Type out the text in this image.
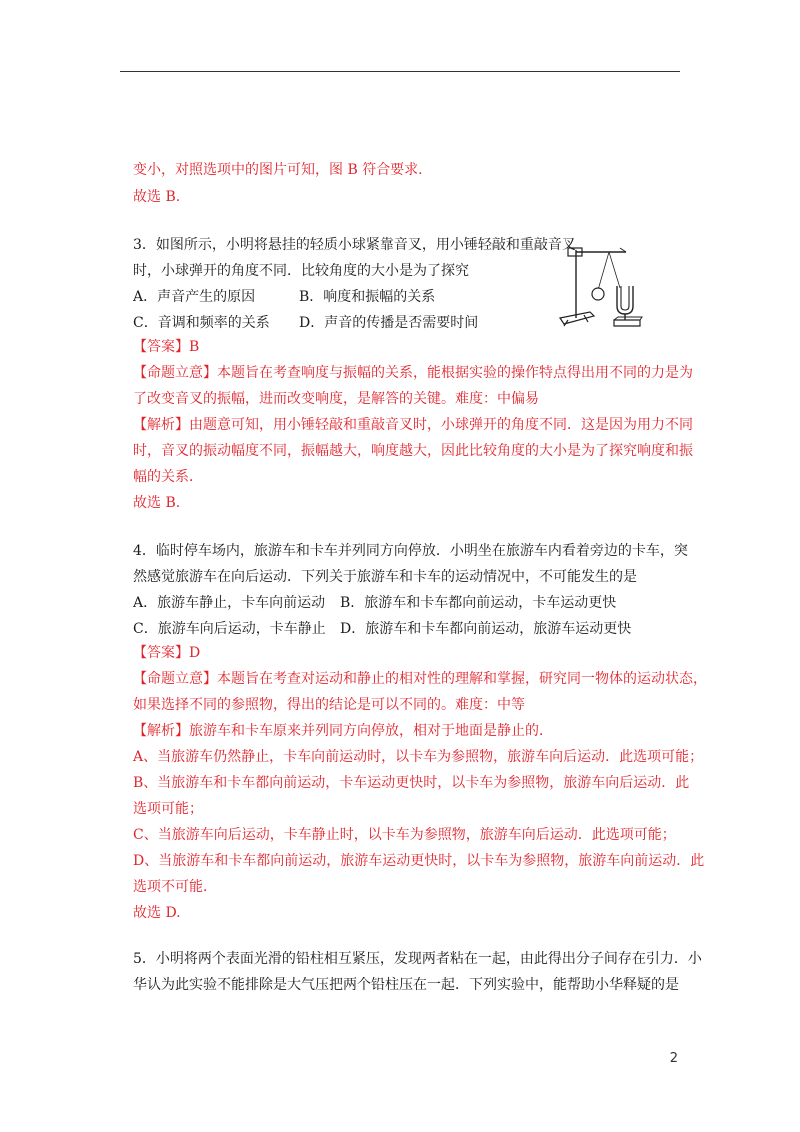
变小，对照选项中的图片可知，图 B 符合要求.
故选 B.
3．如图所示，小明将悬挂的轻质小球紧靠音叉，用小锤轻敲和重敲音叉
时，小球弹开的角度不同．比较角度的大小是为了探究
A．声音产生的原因	B．响度和振幅的关系
C．音调和频率的关系 D．声音的传播是否需要时间
【答案】B
【命题立意】本题旨在考查响度与振幅的关系，能根据实验的操作特点得出用不同的力是为
了改变音叉的振幅，进而改变响度，是解答的关键。难度：中偏易
【解析】由题意可知，用小锤轻敲和重敲音叉时，小球弹开的角度不同．这是因为用力不同
时，音叉的振动幅度不同，振幅越大，响度越大，因此比较角度的大小是为了探究响度和振
幅的关系．
故选 B.
4．临时停车场内，旅游车和卡车并列同方向停放．小明坐在旅游车内看着旁边的卡车，突
然感觉旅游车在向后运动．下列关于旅游车和卡车的运动情况中，不可能发生的是
A．旅游车静止，卡车向前运动 B．旅游车和卡车都向前运动，卡车运动更快
C．旅游车向后运动，卡车静止 D．旅游车和卡车都向前运动，旅游车运动更快
【答案】D
【命题立意】本题旨在考查对运动和静止的相对性的理解和掌握，研究同一物体的运动状态，
如果选择不同的参照物，得出的结论是可以不同的。难度：中等
【解析】旅游车和卡车原来并列同方向停放，相对于地面是静止的．
A、当旅游车仍然静止，卡车向前运动时，以卡车为参照物，旅游车向后运动．此选项可能；
B、当旅游车和卡车都向前运动，卡车运动更快时，以卡车为参照物，旅游车向后运动．此
选项可能；
C、当旅游车向后运动，卡车静止时，以卡车为参照物，旅游车向后运动．此选项可能；
D、当旅游车和卡车都向前运动，旅游车运动更快时，以卡车为参照物，旅游车向前运动．此
选项不可能．
故选 D.
5．小明将两个表面光滑的铅柱相互紧压，发现两者粘在一起，由此得出分子间存在引力．小
华认为此实验不能排除是大气压把两个铅柱压在一起．下列实验中，能帮助小华释疑的是
2
